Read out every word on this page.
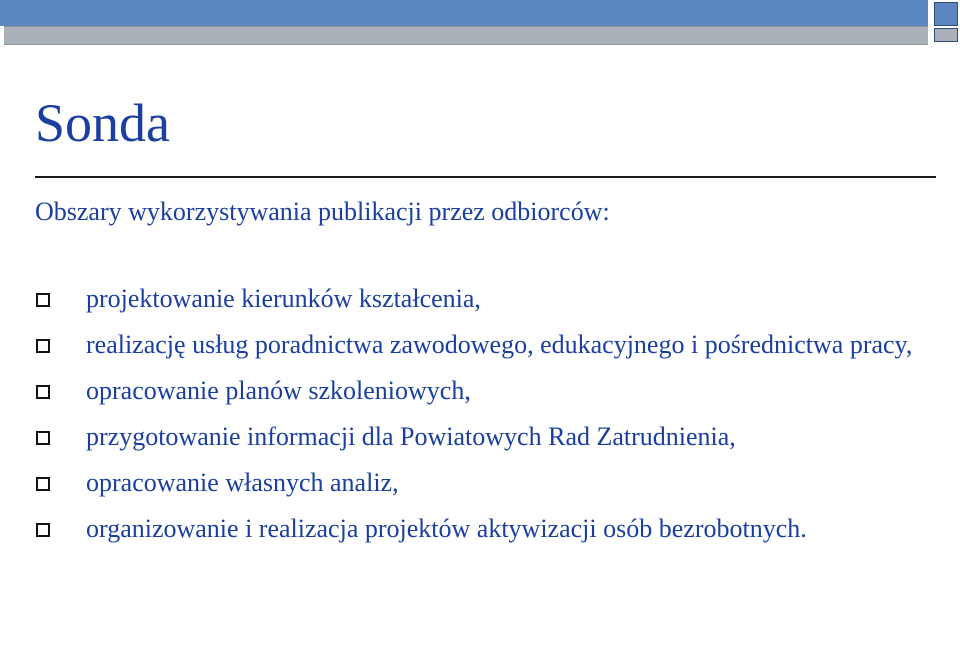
Sonda
Obszary wykorzystywania publikacji przez odbiorców:
projektowanie kierunków kształcenia,
realizację usług poradnictwa zawodowego, edukacyjnego i pośrednictwa pracy,
opracowanie planów szkoleniowych,
przygotowanie informacji dla Powiatowych Rad Zatrudnienia,
opracowanie własnych analiz,
organizowanie i realizacja projektów aktywizacji osób bezrobotnych.
